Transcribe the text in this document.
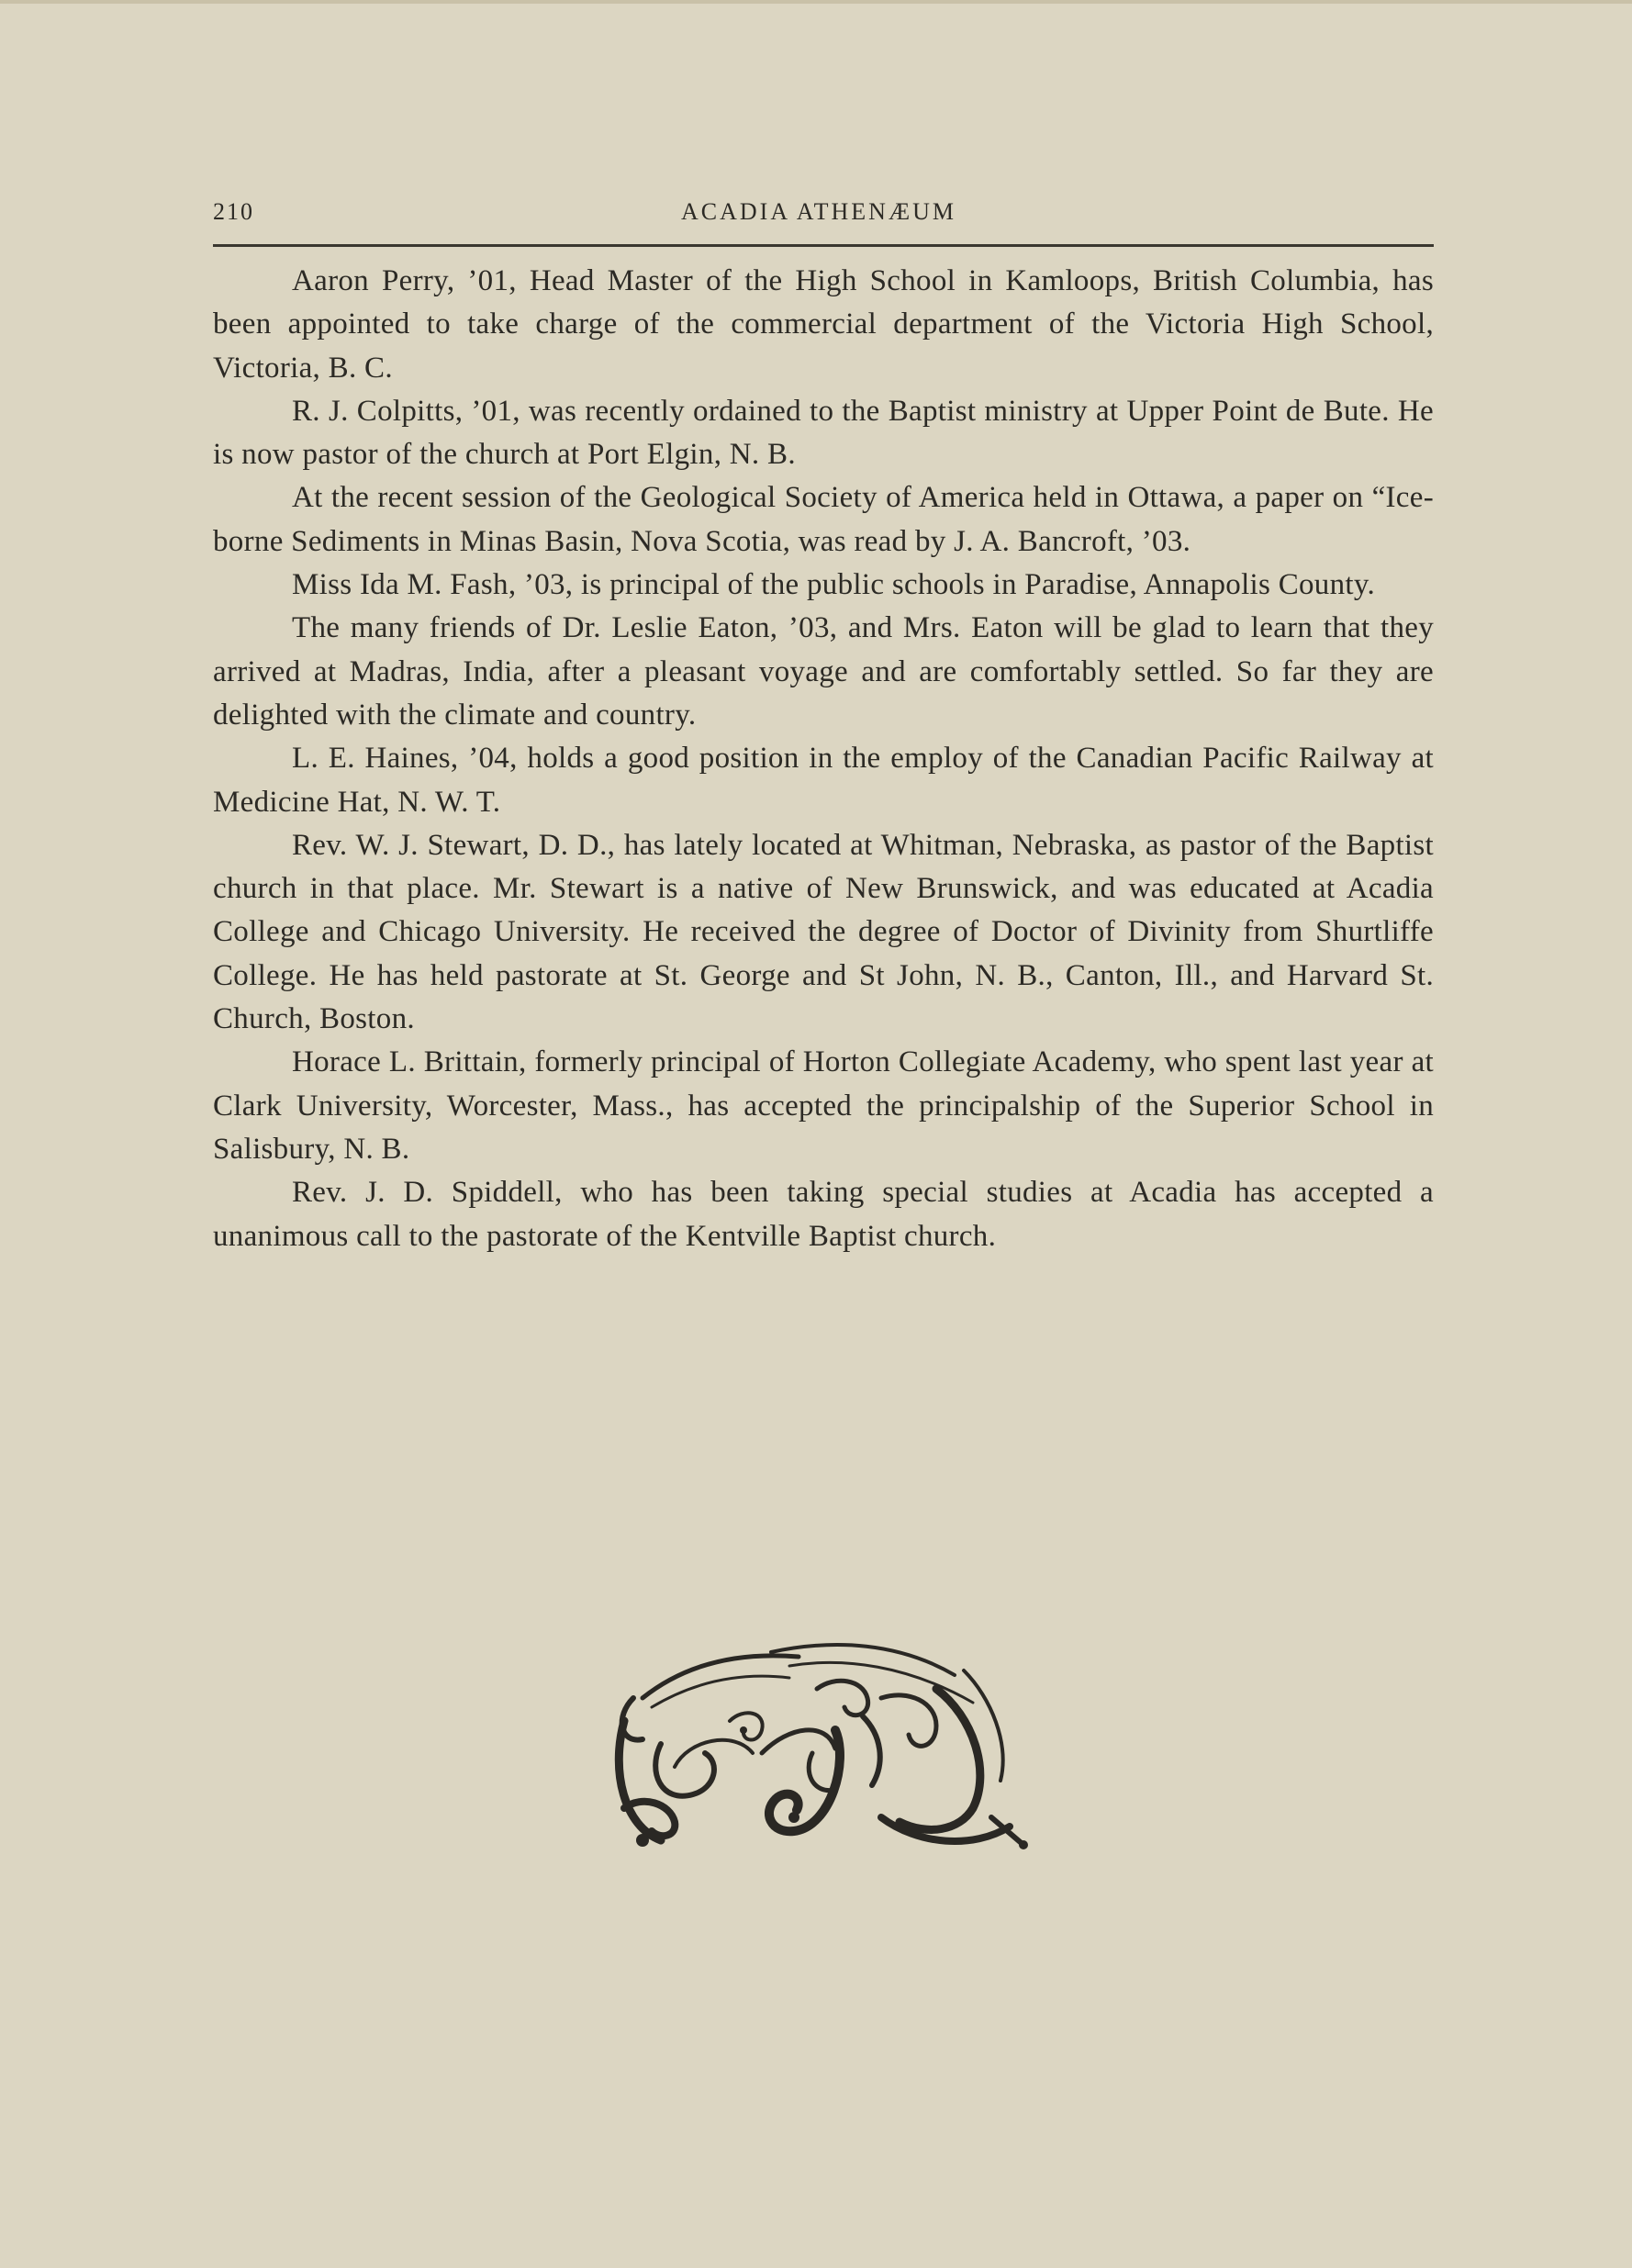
210	ACADIA ATHENÆUM

Aaron Perry, ’01, Head Master of the High School in Kamloops, British Columbia, has been appointed to take charge of the commercial department of the Victoria High School, Victoria, B. C.

R. J. Colpitts, ’01, was recently ordained to the Baptist ministry at Upper Point de Bute. He is now pastor of the church at Port Elgin, N. B.

At the recent session of the Geological Society of America held in Ottawa, a paper on “Ice-borne Sediments in Minas Basin, Nova Scotia, was read by J. A. Bancroft, ’03.

Miss Ida M. Fash, ’03, is principal of the public schools in Paradise, Annapolis County.

The many friends of Dr. Leslie Eaton, ’03, and Mrs. Eaton will be glad to learn that they arrived at Madras, India, after a pleasant voyage and are comfortably settled. So far they are delighted with the climate and country.

L. E. Haines, ’04, holds a good position in the employ of the Canadian Pacific Railway at Medicine Hat, N. W. T.

Rev. W. J. Stewart, D. D., has lately located at Whitman, Nebraska, as pastor of the Baptist church in that place. Mr. Stewart is a native of New Brunswick, and was educated at Acadia College and Chicago University. He received the degree of Doctor of Divinity from Shurtliffe College. He has held pastorate at St. George and St John, N. B., Canton, Ill., and Harvard St. Church, Boston.

Horace L. Brittain, formerly principal of Horton Collegiate Academy, who spent last year at Clark University, Worcester, Mass., has accepted the principalship of the Superior School in Salisbury, N. B.

Rev. J. D. Spiddell, who has been taking special studies at Acadia has accepted a unanimous call to the pastorate of the Kentville Baptist church.
